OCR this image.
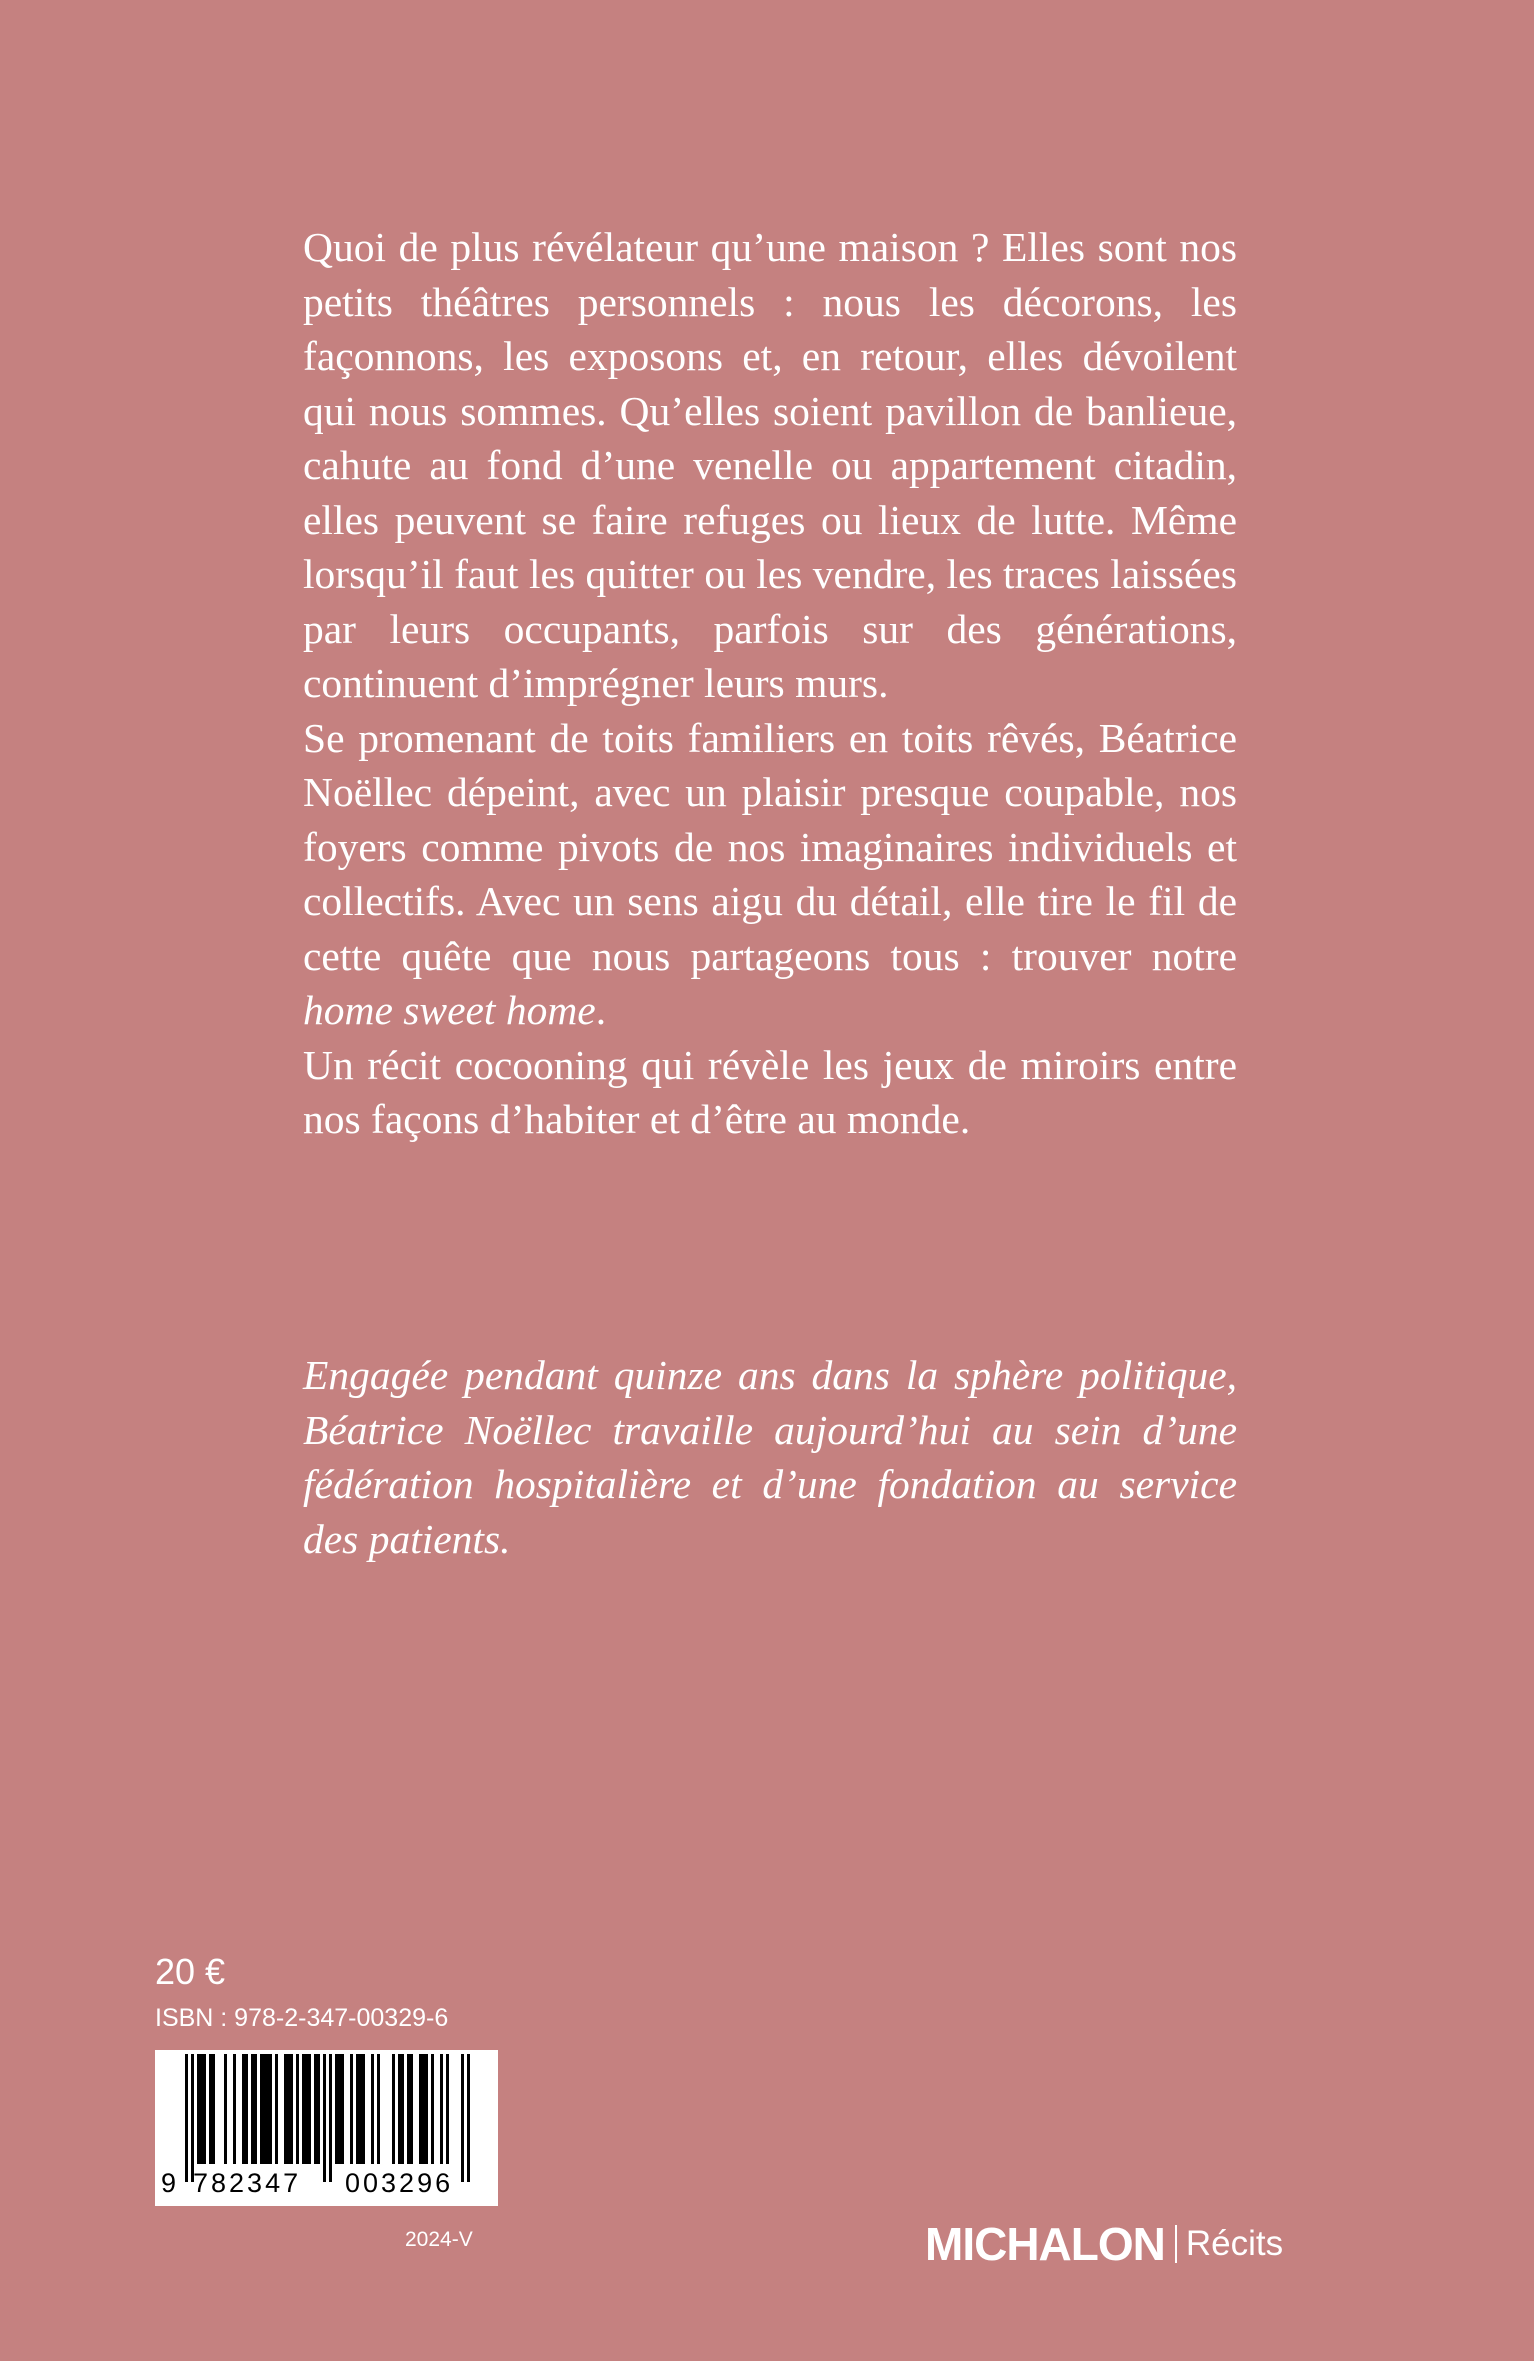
Quoi de plus révélateur qu’une maison ? Elles sont nos petits théâtres personnels : nous les décorons, les façonnons, les exposons et, en retour, elles dévoilent qui nous sommes. Qu’elles soient pavillon de banlieue, cahute au fond d’une venelle ou appartement citadin, elles peuvent se faire refuges ou lieux de lutte. Même lorsqu’il faut les quitter ou les vendre, les traces laissées par leurs occupants, parfois sur des générations, continuent d’imprégner leurs murs.

Se promenant de toits familiers en toits rêvés, Béatrice Noëllec dépeint, avec un plaisir presque coupable, nos foyers comme pivots de nos imaginaires individuels et collectifs. Avec un sens aigu du détail, elle tire le fil de cette quête que nous partageons tous : trouver notre home sweet home.

Un récit cocooning qui révèle les jeux de miroirs entre nos façons d’habiter et d’être au monde.

Engagée pendant quinze ans dans la sphère politique, Béatrice Noëllec travaille aujourd’hui au sein d’une fédération hospitalière et d’une fondation au service des patients.

20 €
ISBN : 978-2-347-00329-6
9 782347 003296
2024-V	MICHALON Récits
